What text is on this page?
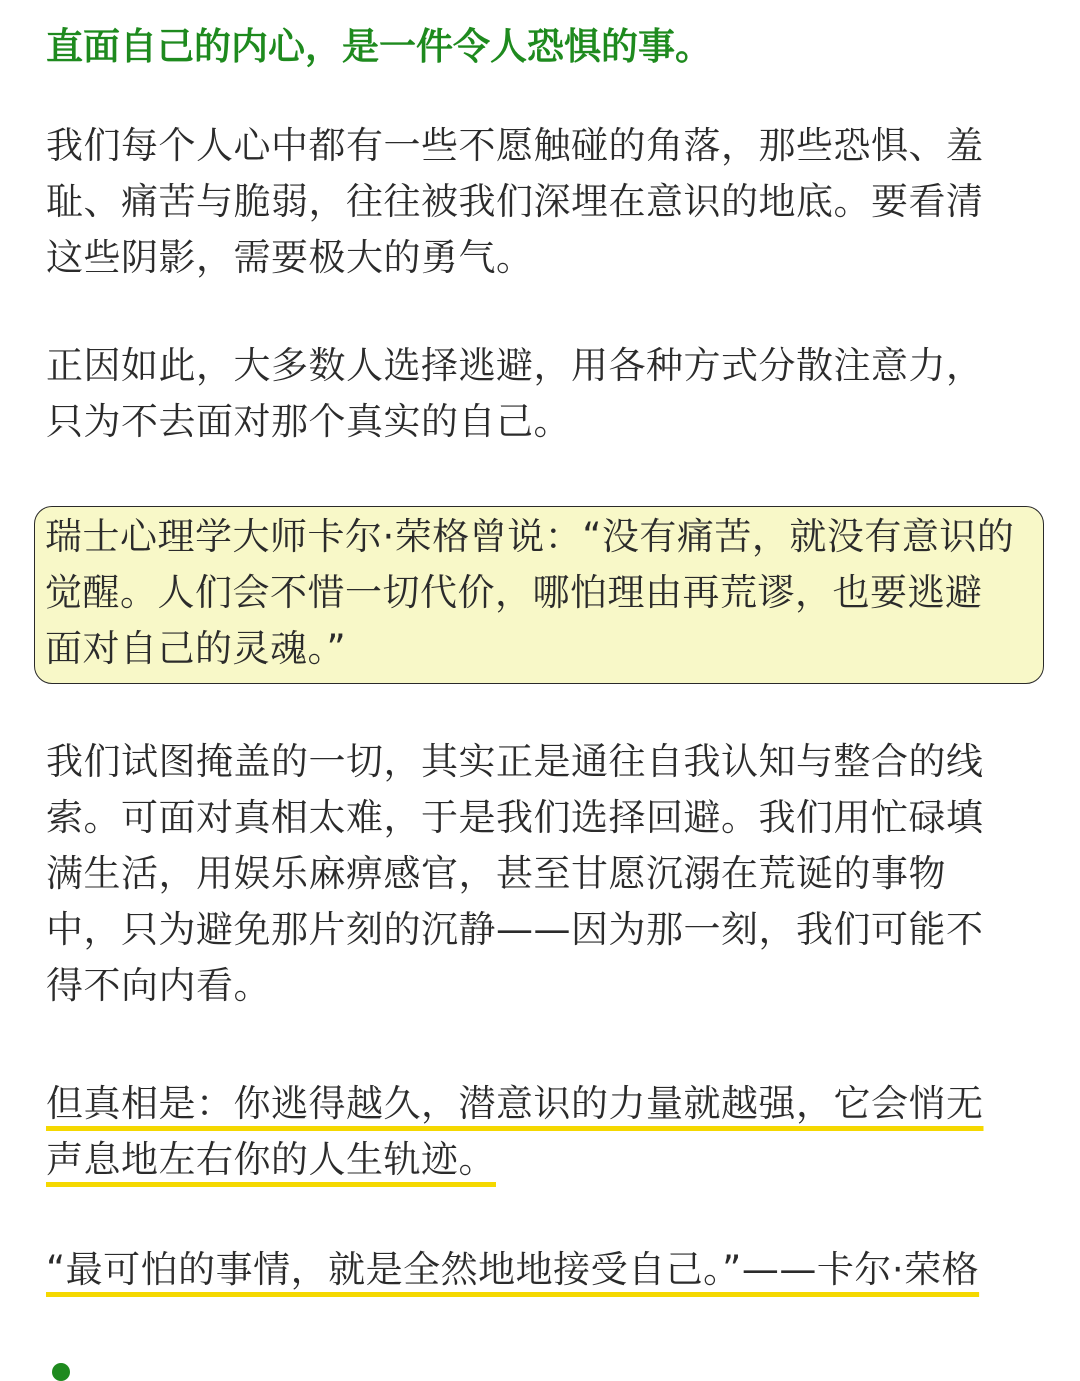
直面自己的内心，是一件令人恐惧的事。

我们每个人心中都有一些不愿触碰的角落，那些恐惧、羞耻、痛苦与脆弱，往往被我们深埋在意识的地底。要看清这些阴影，需要极大的勇气。

正因如此，大多数人选择逃避，用各种方式分散注意力，只为不去面对那个真实的自己。

瑞士心理学大师卡尔·荣格曾说：“没有痛苦，就没有意识的觉醒。人们会不惜一切代价，哪怕理由再荒谬，也要逃避面对自己的灵魂。”

我们试图掩盖的一切，其实正是通往自我认知与整合的线索。可面对真相太难，于是我们选择回避。我们用忙碌填满生活，用娱乐麻痹感官，甚至甘愿沉溺在荒诞的事物中，只为避免那片刻的沉静——因为那一刻，我们可能不得不向内看。

但真相是：你逃得越久，潜意识的力量就越强，它会悄无声息地左右你的人生轨迹。

“最可怕的事情，就是全然地地接受自己。”——卡尔·荣格
